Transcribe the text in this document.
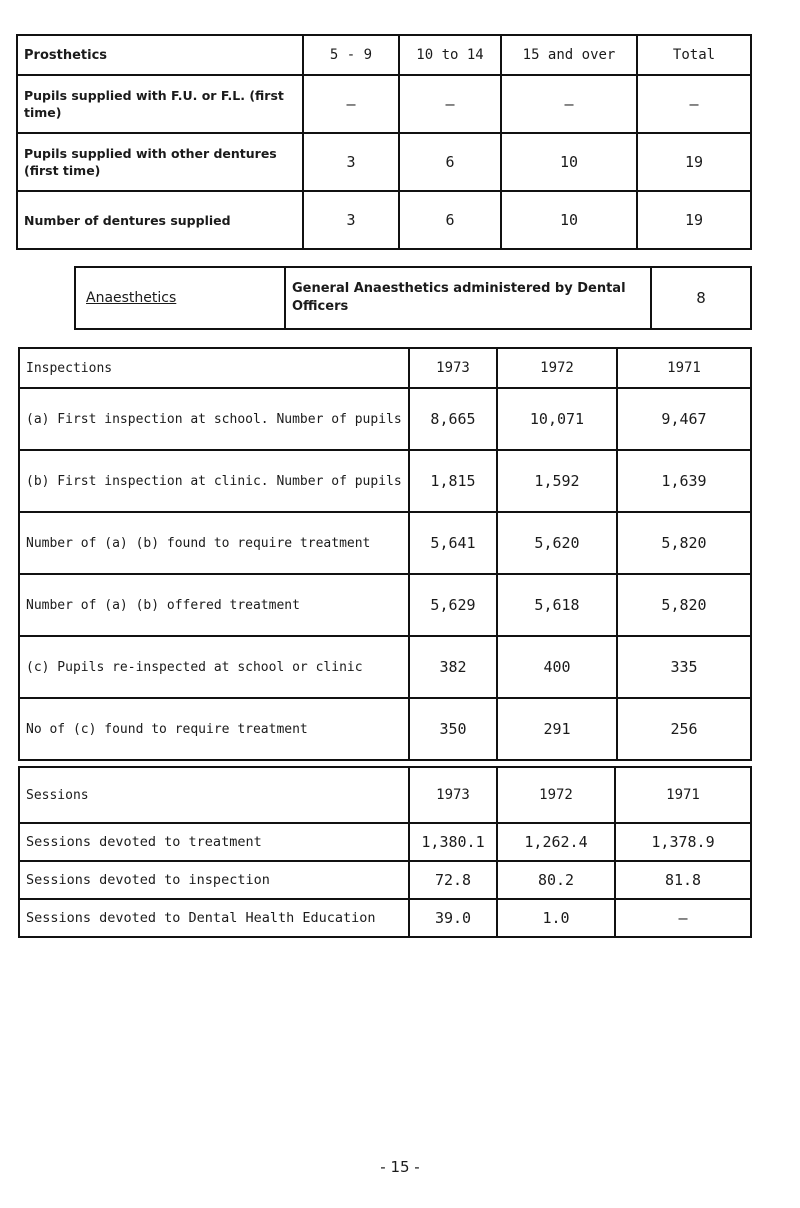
Prosthetics	5 - 9	10 to 14	15 and over	Total
Pupils supplied with F.U. or F.L. (first time)	–	–	–	–
Pupils supplied with other dentures (first time)	3	6	10	19
Number of dentures supplied	3	6	10	19
Anaesthetics	General Anaesthetics administered by Dental Officers	8
Inspections	1973	1972	1971
(a) First inspection at school. Number of pupils	8,665	10,071	9,467
(b) First inspection at clinic. Number of pupils	1,815	1,592	1,639
Number of (a) (b) found to require treatment	5,641	5,620	5,820
Number of (a) (b) offered treatment	5,629	5,618	5,820
(c) Pupils re-inspected at school or clinic	382	400	335
No of (c) found to require treatment	350	291	256
Sessions	1973	1972	1971
Sessions devoted to treatment	1,380.1	1,262.4	1,378.9
Sessions devoted to inspection	72.8	80.2	81.8
Sessions devoted to Dental Health Education	39.0	1.0	–
- 15 -
